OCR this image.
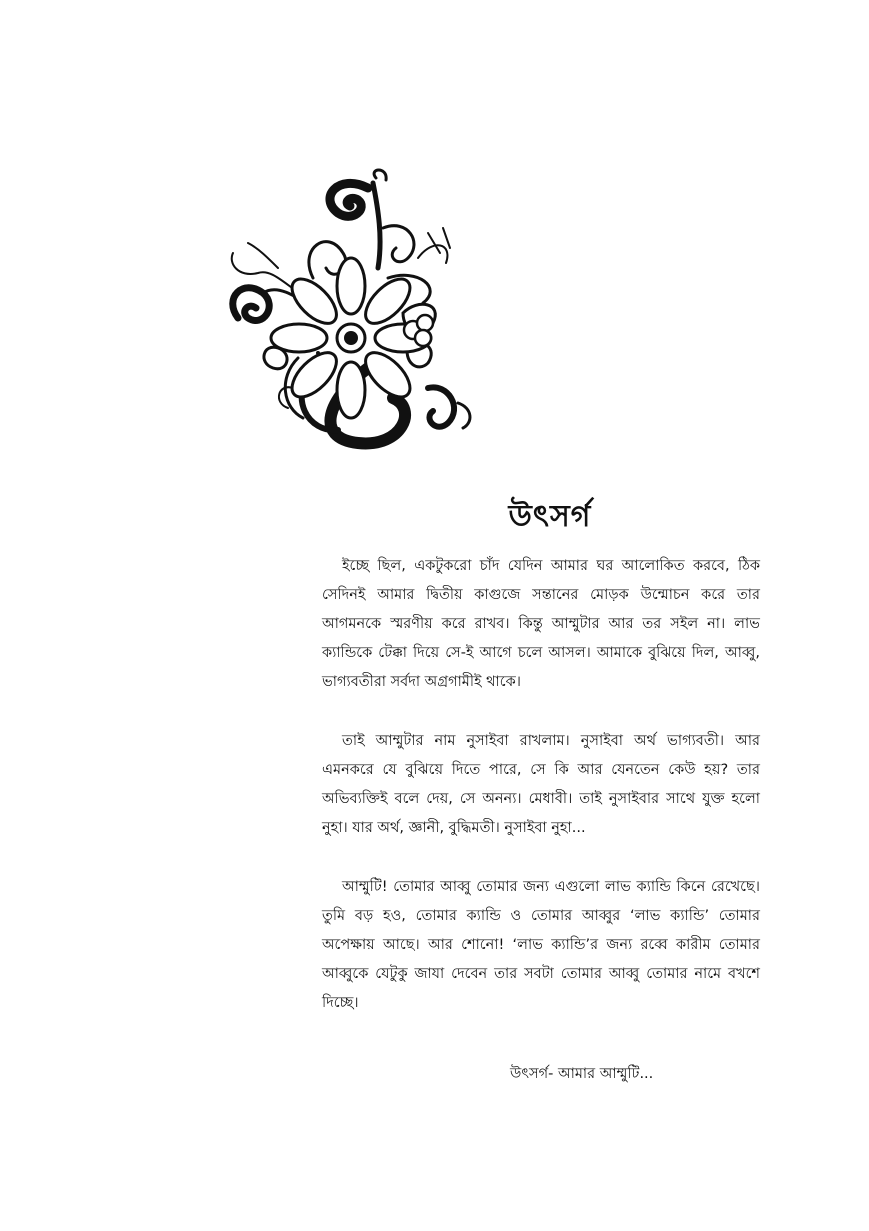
উৎসর্গ

ইচ্ছে ছিল, একটুকরো চাঁদ যেদিন আমার ঘর আলোকিত করবে, ঠিক সেদিনই আমার দ্বিতীয় কাগুজে সন্তানের মোড়ক উন্মোচন করে তার আগমনকে স্মরণীয় করে রাখব। কিন্তু আম্মুটার আর তর সইল না। লাভ ক্যান্ডিকে টেক্কা দিয়ে সে-ই আগে চলে আসল। আমাকে বুঝিয়ে দিল, আব্বু, ভাগ্যবতীরা সর্বদা অগ্রগামীই থাকে।

তাই আম্মুটার নাম নুসাইবা রাখলাম। নুসাইবা অর্থ ভাগ্যবতী। আর এমনকরে যে বুঝিয়ে দিতে পারে, সে কি আর যেনতেন কেউ হয়? তার অভিব্যক্তিই বলে দেয়, সে অনন্য। মেধাবী। তাই নুসাইবার সাথে যুক্ত হলো নুহা। যার অর্থ, জ্ঞানী, বুদ্ধিমতী। নুসাইবা নুহা...

আম্মুটি! তোমার আব্বু তোমার জন্য এগুলো লাভ ক্যান্ডি কিনে রেখেছে। তুমি বড় হও, তোমার ক্যান্ডি ও তোমার আব্বুর ‘লাভ ক্যান্ডি’ তোমার অপেক্ষায় আছে। আর শোনো! ‘লাভ ক্যান্ডি’র জন্য রব্বে কারীম তোমার আব্বুকে যেটুকু জাযা দেবেন তার সবটা তোমার আব্বু তোমার নামে বখশে দিচ্ছে।

উৎসর্গ- আমার আম্মুটি...
